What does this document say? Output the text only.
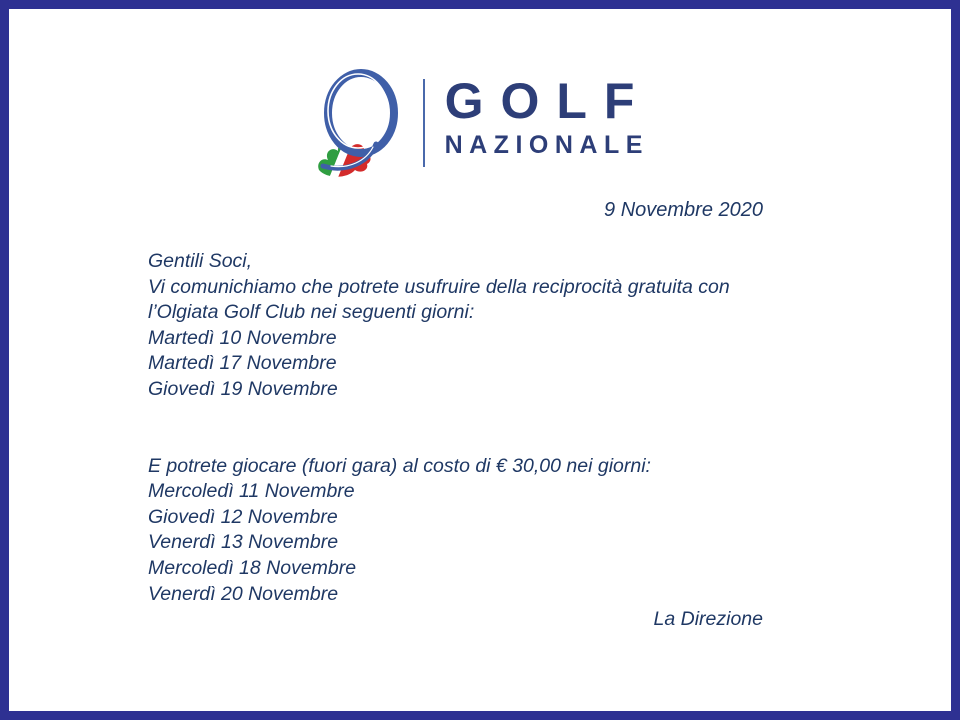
GOLF
NAZIONALE
9 Novembre 2020
Gentili Soci,
Vi comunichiamo che potrete usufruire della reciprocità gratuita con
l’Olgiata Golf Club nei seguenti giorni:
Martedì 10 Novembre
Martedì 17 Novembre
Giovedì 19 Novembre
E potrete giocare (fuori gara) al costo di € 30,00 nei giorni:
Mercoledì 11 Novembre
Giovedì 12 Novembre
Venerdì 13 Novembre
Mercoledì 18 Novembre
Venerdì 20 Novembre
La Direzione
